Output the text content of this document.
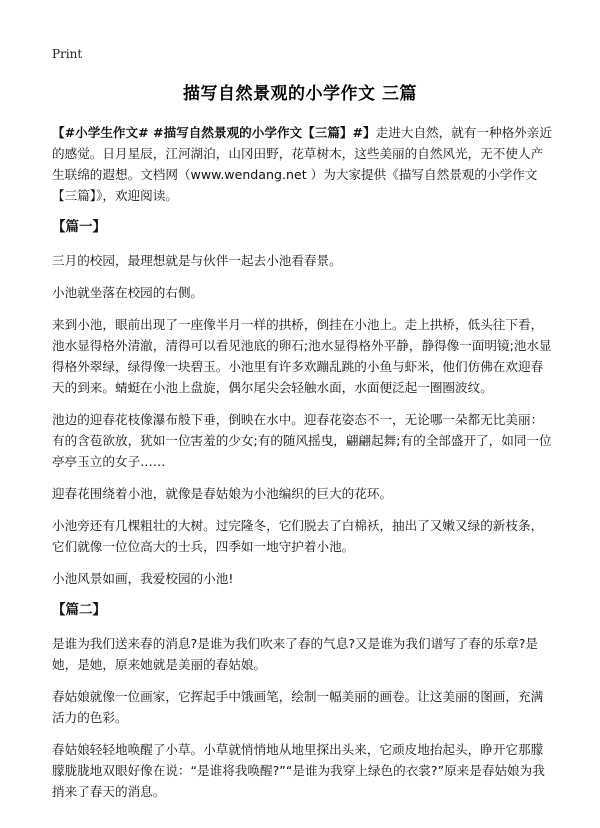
Print
描写自然景观的小学作文 三篇

【#小学生作文# #描写自然景观的小学作文【三篇】#】走进大自然，就有一种格外亲近的感觉。日月星辰，江河湖泊，山冈田野，花草树木，这些美丽的自然风光，无不使人产生联绵的遐想。文档网（www.wendang.net ）为大家提供《描写自然景观的小学作文【三篇】》，欢迎阅读。

【篇一】

三月的校园，最理想就是与伙伴一起去小池看春景。

小池就坐落在校园的右侧。

来到小池，眼前出现了一座像半月一样的拱桥，倒挂在小池上。走上拱桥，低头往下看，池水显得格外清澈，清得可以看见池底的卵石;池水显得格外平静，静得像一面明镜;池水显得格外翠绿，绿得像一块碧玉。小池里有许多欢蹦乱跳的小鱼与虾米，他们仿佛在欢迎春天的到来。蜻蜓在小池上盘旋，偶尔尾尖会轻触水面，水面便泛起一圈圈波纹。

池边的迎春花枝像瀑布般下垂，倒映在水中。迎春花姿态不一，无论哪一朵都无比美丽：有的含苞欲放，犹如一位害羞的少女;有的随风摇曳，翩翩起舞;有的全部盛开了，如同一位亭亭玉立的女子……

迎春花围绕着小池，就像是春姑娘为小池编织的巨大的花环。

小池旁还有几棵粗壮的大树。过完隆冬，它们脱去了白棉袄，抽出了又嫩又绿的新枝条，它们就像一位位高大的士兵，四季如一地守护着小池。

小池风景如画，我爱校园的小池!

【篇二】

是谁为我们送来春的消息?是谁为我们吹来了春的气息?又是谁为我们谱写了春的乐章?是她，是她，原来她就是美丽的春姑娘。

春姑娘就像一位画家，它挥起手中饿画笔，绘制一幅美丽的画卷。让这美丽的图画，充满活力的色彩。

春姑娘轻轻地唤醒了小草。小草就悄悄地从地里探出头来，它顽皮地抬起头，睁开它那朦朦胧胧地双眼好像在说：“是谁将我唤醒?”“是谁为我穿上绿色的衣裳?”原来是春姑娘为我捎来了春天的消息。
